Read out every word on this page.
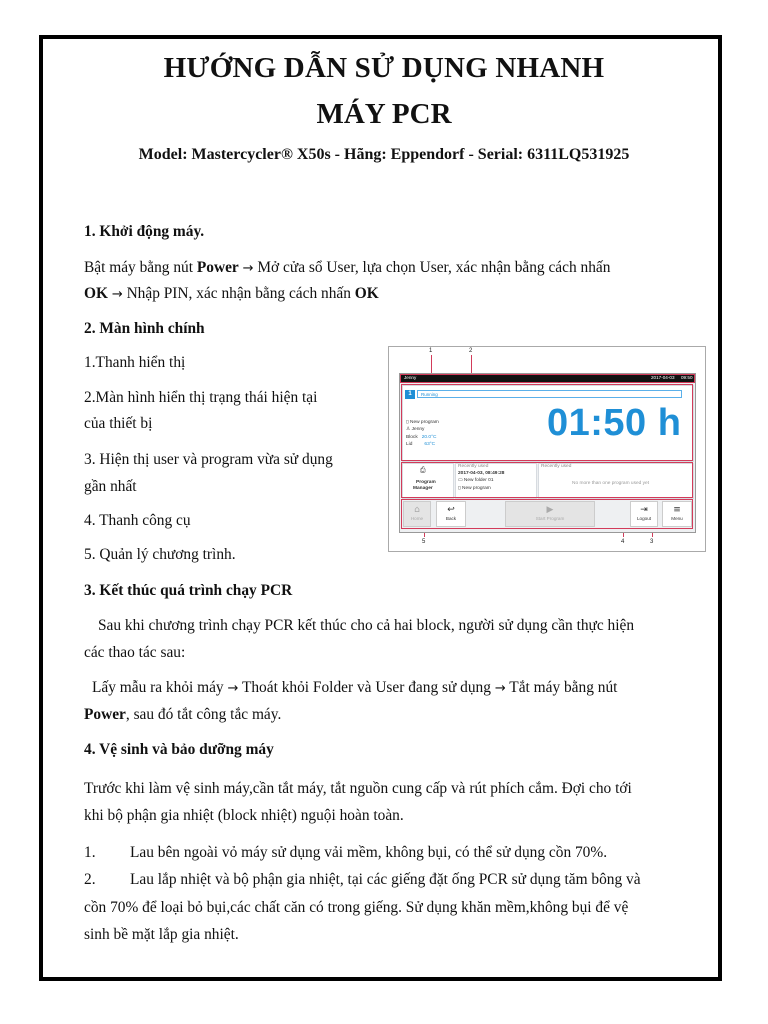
HƯỚNG DẪN SỬ DỤNG NHANH
MÁY PCR
Model: Mastercycler® X50s - Hãng: Eppendorf - Serial: 6311LQ531925
1. Khởi động máy.
Bật máy bằng nút Power → Mở cửa sổ User, lựa chọn User, xác nhận bằng cách nhấn
OK → Nhập PIN, xác nhận bằng cách nhấn OK
2. Màn hình chính
1.Thanh hiển thị
2.Màn hình hiển thị trạng thái hiện tại
của thiết bị
3. Hiện thị user và program vừa sử dụng
gần nhất
4. Thanh công cụ
5. Quản lý chương trình.
1	2
5	4	3
Jenny	2017-04-03 09:50
1	Running
01:50 h
▯ New program
♙ Jenny
Block 20.0°C
Lid	63°C
⎙
Program
Manager
Recently used
2017-04-03, 08:49:28
▭ New folder 01
▯ New program
Recently used
No more than one program used yet
⌂
Home
↩
Back
▶
Start Program
⇥
Logout
≡
Menu
3. Kết thúc quá trình chạy PCR
Sau khi chương trình chạy PCR kết thúc cho cả hai block, người sử dụng cần thực hiện
các thao tác sau:
Lấy mẫu ra khỏi máy → Thoát khỏi Folder và User đang sử dụng → Tắt máy bằng nút
Power, sau đó tắt công tắc máy.
4. Vệ sinh và bảo dưỡng máy
Trước khi làm vệ sinh máy,cần tắt máy, tắt nguồn cung cấp và rút phích cắm. Đợi cho tới
khi bộ phận gia nhiệt (block nhiệt) nguội hoàn toàn.
1. Lau bên ngoài vỏ máy sử dụng vải mềm, không bụi, có thể sử dụng cồn 70%.
2. Lau lắp nhiệt và bộ phận gia nhiệt, tại các giếng đặt ống PCR sử dụng tăm bông và
cồn 70% để loại bỏ bụi,các chất căn có trong giếng. Sử dụng khăn mềm,không bụi để vệ
sinh bề mặt lắp gia nhiệt.
